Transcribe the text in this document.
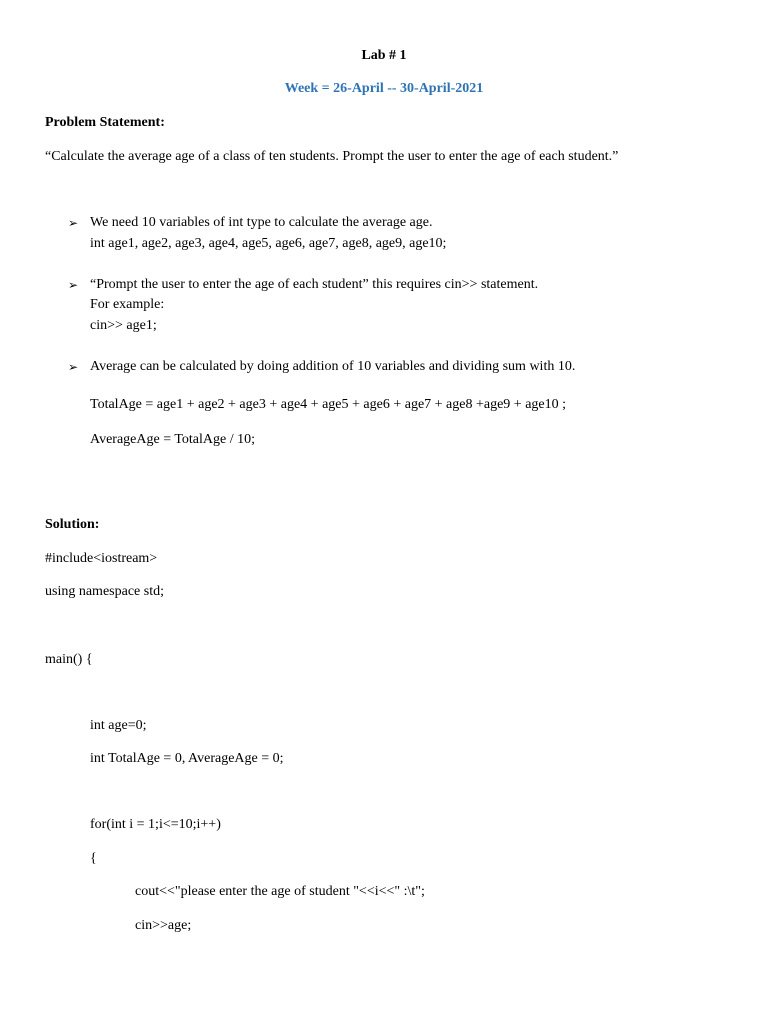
Lab # 1
Week = 26-April -- 30-April-2021
Problem Statement:
“Calculate the average age of a class of ten students. Prompt the user to enter the age of each student.”
➢ We need 10 variables of int type to calculate the average age.
int age1, age2, age3, age4, age5, age6, age7, age8, age9, age10;
➢ “Prompt the user to enter the age of each student” this requires cin>> statement.
For example:
cin>> age1;
➢ Average can be calculated by doing addition of 10 variables and dividing sum with 10.
TotalAge = age1 + age2 + age3 + age4 + age5 + age6 + age7 + age8 +age9 + age10 ;
AverageAge = TotalAge / 10;
Solution:
#include<iostream>
using namespace std;
main() {
int age=0;
int TotalAge = 0, AverageAge = 0;
for(int i = 1;i<=10;i++)
{
cout<<"please enter the age of student "<<i<<" :\t";
cin>>age;
